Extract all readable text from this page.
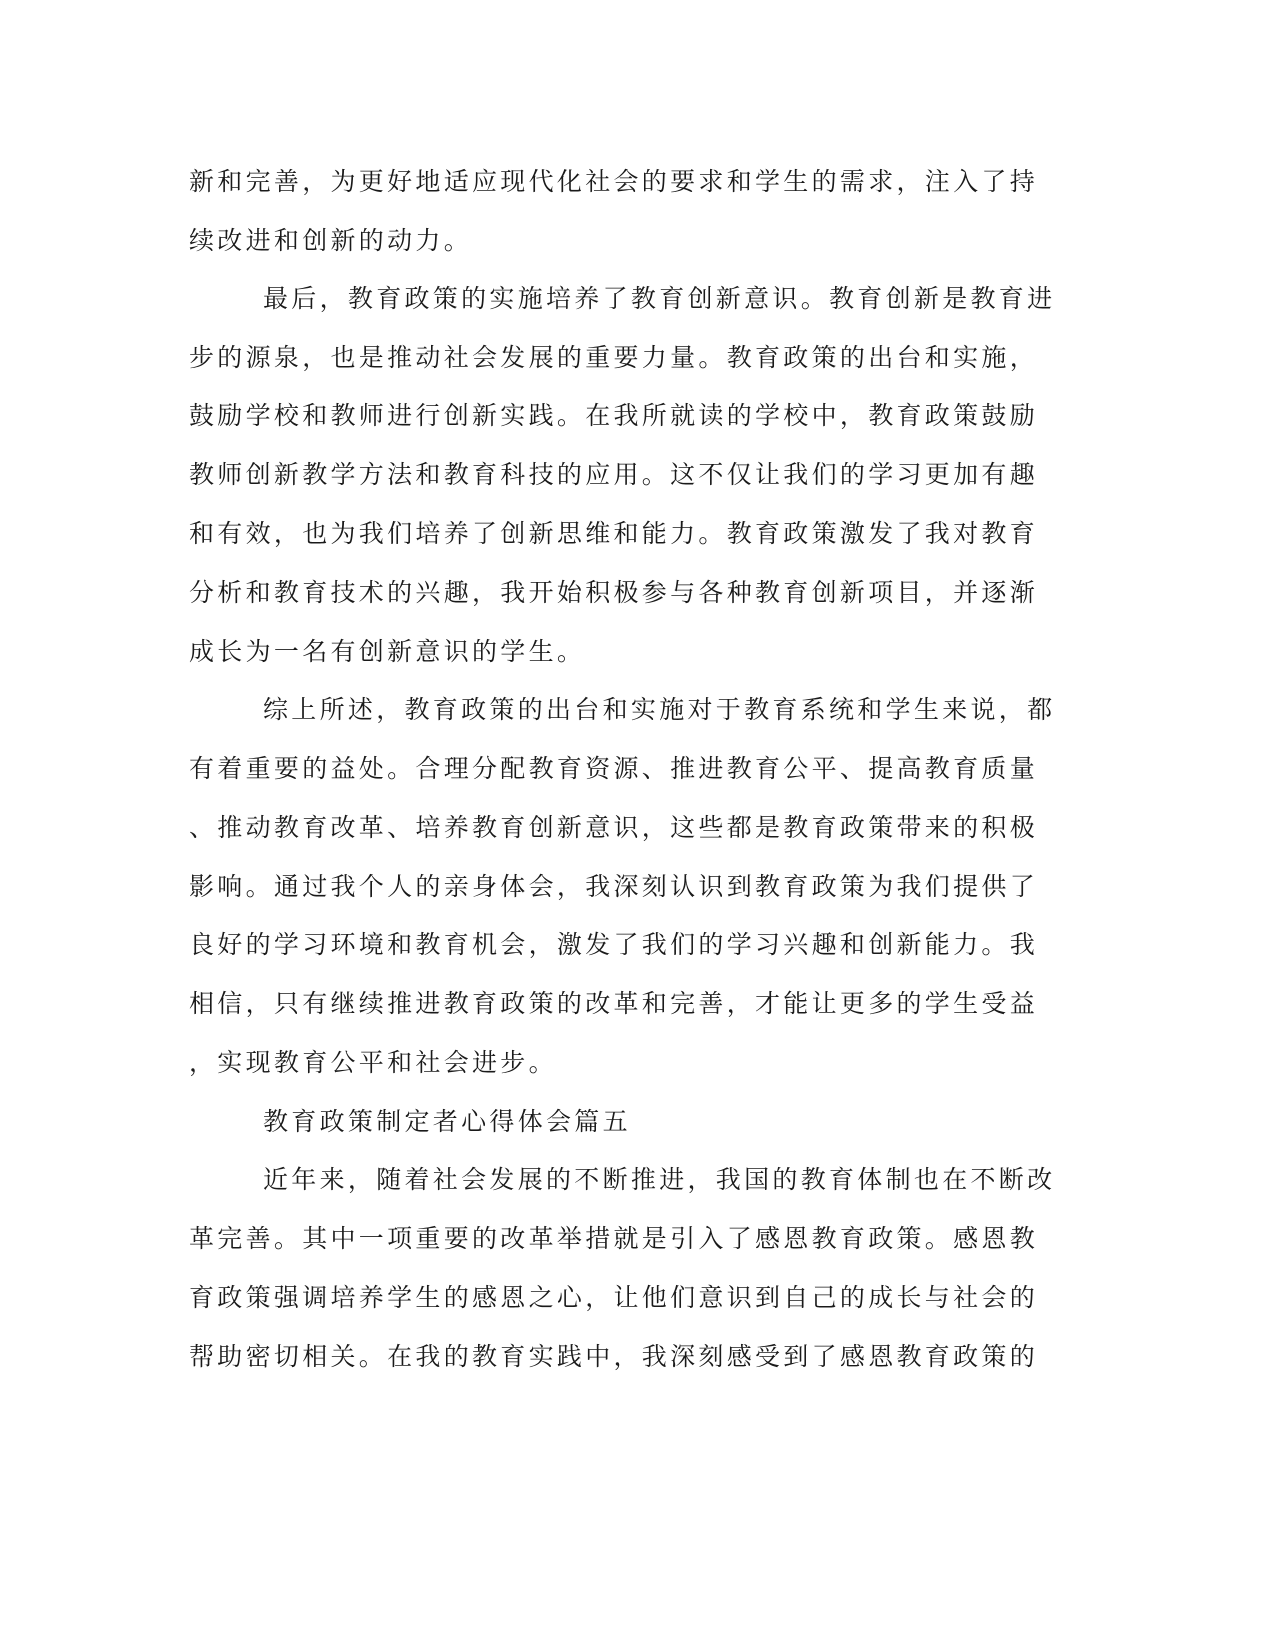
新和完善，为更好地适应现代化社会的要求和学生的需求，注入了持
续改进和创新的动力。
最后，教育政策的实施培养了教育创新意识。教育创新是教育进
步的源泉，也是推动社会发展的重要力量。教育政策的出台和实施，
鼓励学校和教师进行创新实践。在我所就读的学校中，教育政策鼓励
教师创新教学方法和教育科技的应用。这不仅让我们的学习更加有趣
和有效，也为我们培养了创新思维和能力。教育政策激发了我对教育
分析和教育技术的兴趣，我开始积极参与各种教育创新项目，并逐渐
成长为一名有创新意识的学生。
综上所述，教育政策的出台和实施对于教育系统和学生来说，都
有着重要的益处。合理分配教育资源、推进教育公平、提高教育质量
、推动教育改革、培养教育创新意识，这些都是教育政策带来的积极
影响。通过我个人的亲身体会，我深刻认识到教育政策为我们提供了
良好的学习环境和教育机会，激发了我们的学习兴趣和创新能力。我
相信，只有继续推进教育政策的改革和完善，才能让更多的学生受益
，实现教育公平和社会进步。
教育政策制定者心得体会篇五
近年来，随着社会发展的不断推进，我国的教育体制也在不断改
革完善。其中一项重要的改革举措就是引入了感恩教育政策。感恩教
育政策强调培养学生的感恩之心，让他们意识到自己的成长与社会的
帮助密切相关。在我的教育实践中，我深刻感受到了感恩教育政策的
